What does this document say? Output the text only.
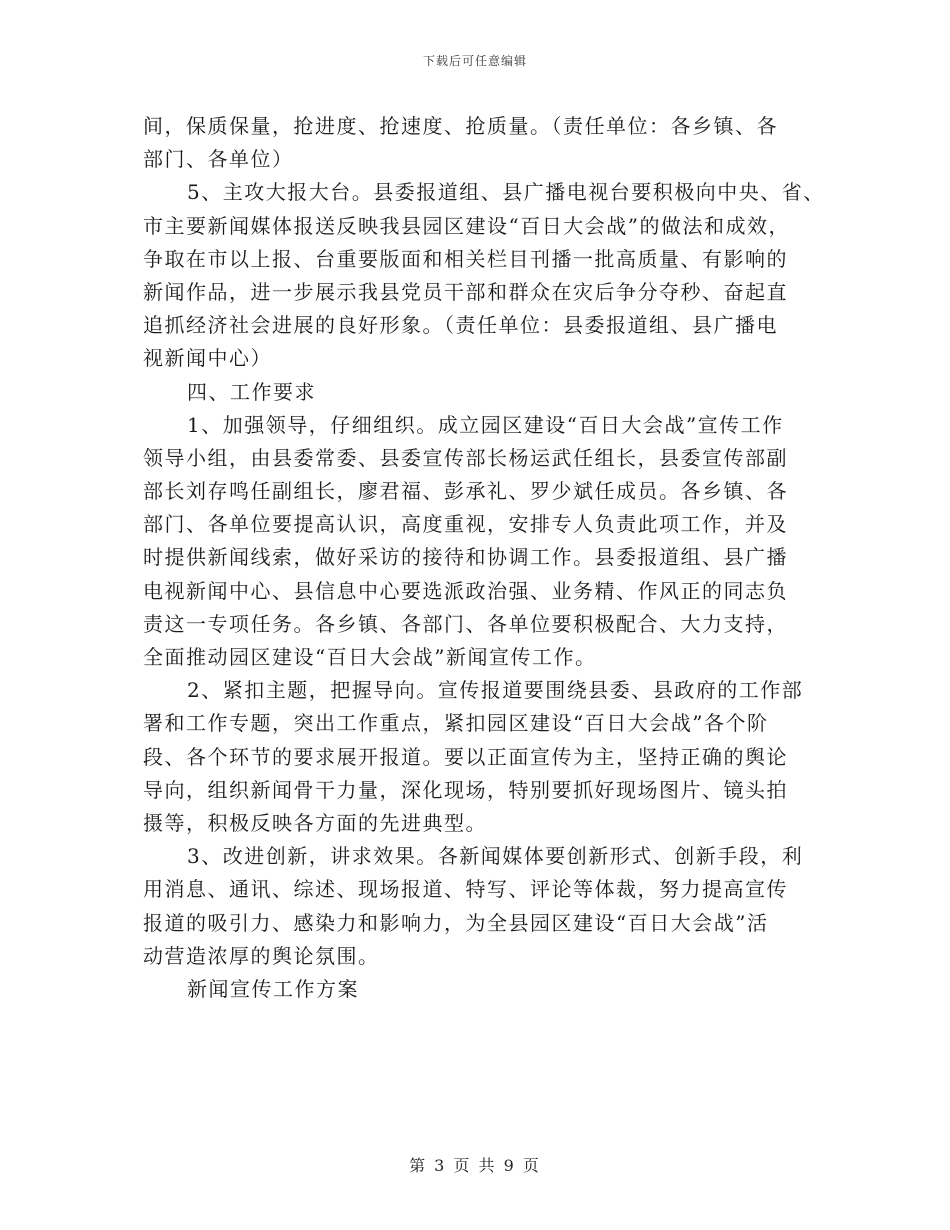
下载后可任意编辑
间，保质保量，抢进度、抢速度、抢质量。（责任单位：各乡镇、各
部门、各单位）
5、主攻大报大台。县委报道组、县广播电视台要积极向中央、省、
市主要新闻媒体报送反映我县园区建设“百日大会战”的做法和成效，
争取在市以上报、台重要版面和相关栏目刊播一批高质量、有影响的
新闻作品，进一步展示我县党员干部和群众在灾后争分夺秒、奋起直
追抓经济社会进展的良好形象。（责任单位：县委报道组、县广播电
视新闻中心）
四、工作要求
1、加强领导，仔细组织。成立园区建设“百日大会战”宣传工作
领导小组，由县委常委、县委宣传部长杨运武任组长，县委宣传部副
部长刘存鸣任副组长，廖君福、彭承礼、罗少斌任成员。各乡镇、各
部门、各单位要提高认识，高度重视，安排专人负责此项工作，并及
时提供新闻线索，做好采访的接待和协调工作。县委报道组、县广播
电视新闻中心、县信息中心要选派政治强、业务精、作风正的同志负
责这一专项任务。各乡镇、各部门、各单位要积极配合、大力支持，
全面推动园区建设“百日大会战”新闻宣传工作。
2、紧扣主题，把握导向。宣传报道要围绕县委、县政府的工作部
署和工作专题，突出工作重点，紧扣园区建设“百日大会战”各个阶
段、各个环节的要求展开报道。要以正面宣传为主，坚持正确的舆论
导向，组织新闻骨干力量，深化现场，特别要抓好现场图片、镜头拍
摄等，积极反映各方面的先进典型。
3、改进创新，讲求效果。各新闻媒体要创新形式、创新手段，利
用消息、通讯、综述、现场报道、特写、评论等体裁，努力提高宣传
报道的吸引力、感染力和影响力，为全县园区建设“百日大会战”活
动营造浓厚的舆论氛围。
新闻宣传工作方案
第 3 页 共 9 页
